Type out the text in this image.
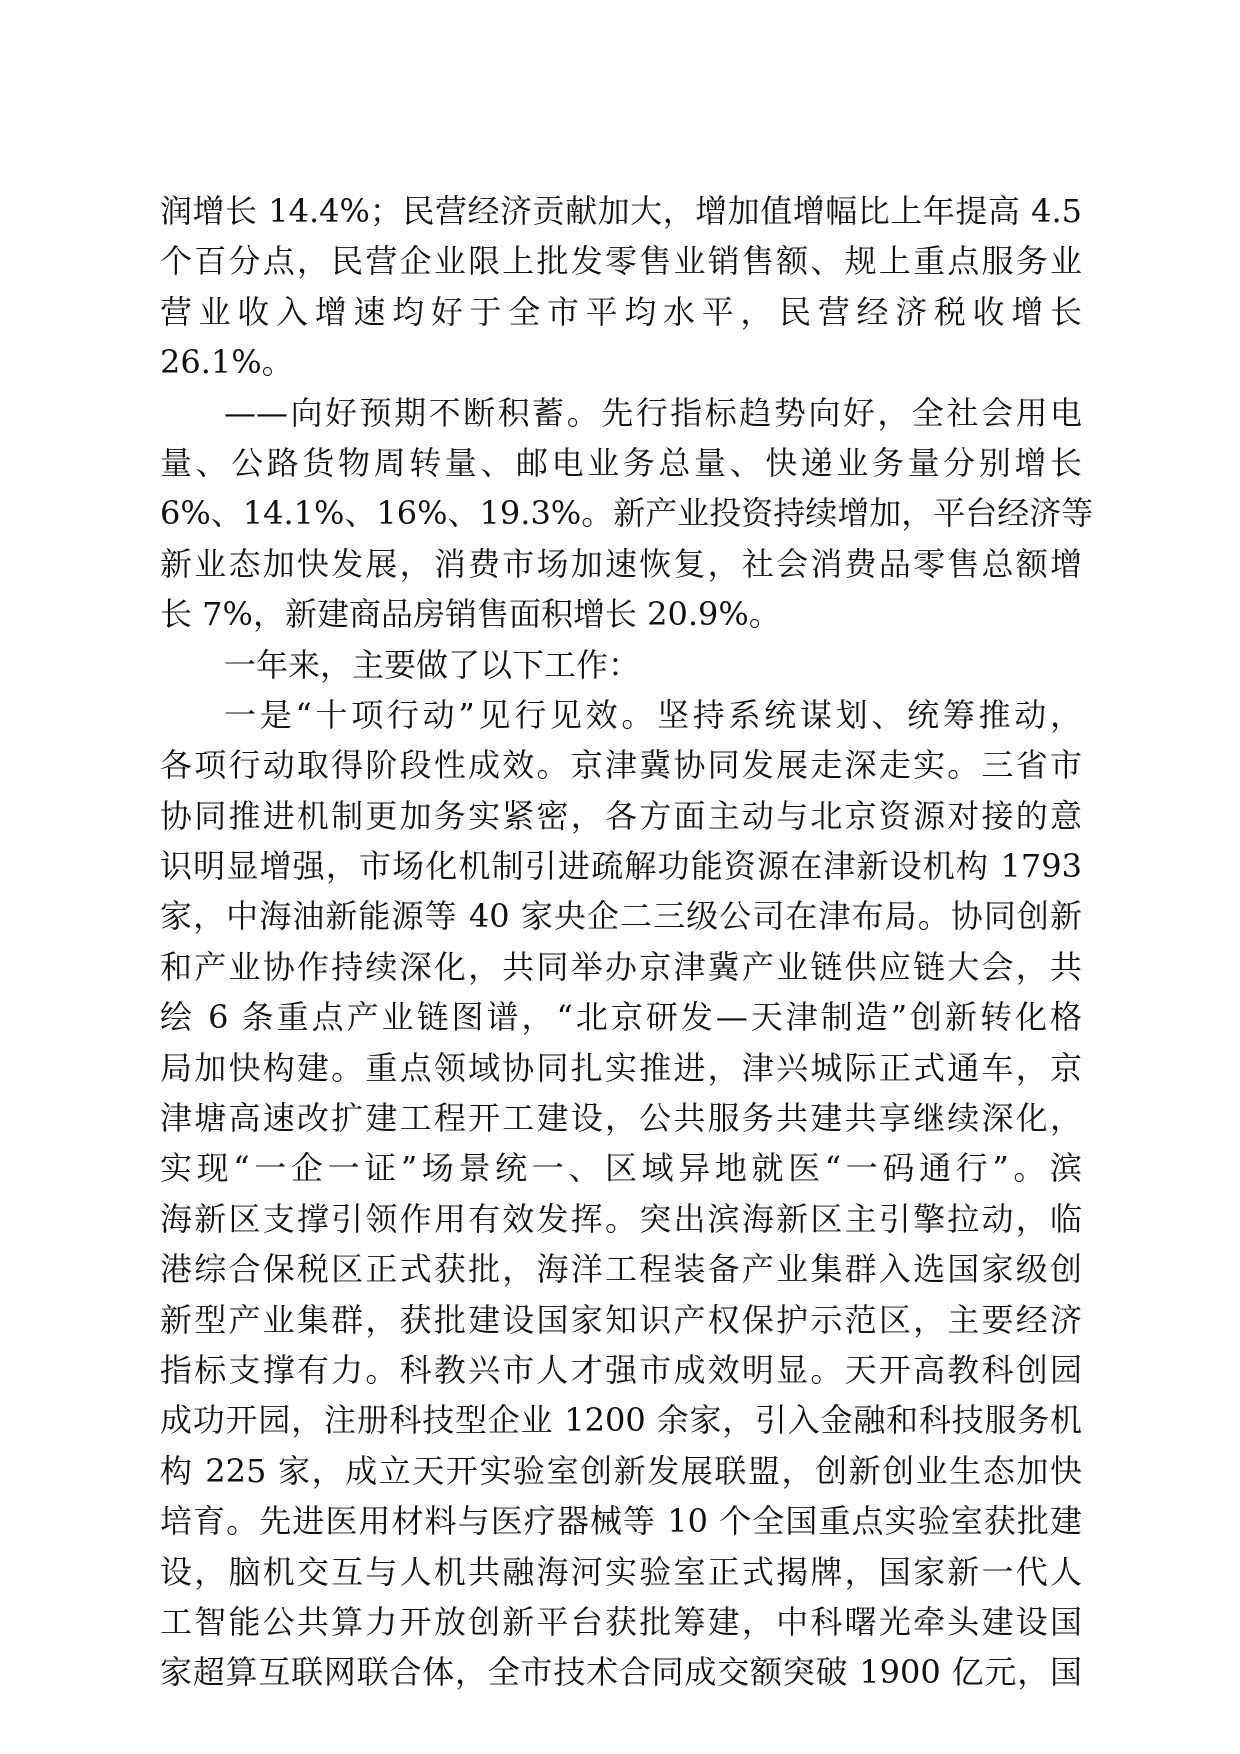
润增长 14.4%；民营经济贡献加大，增加值增幅比上年提高 4.5
个百分点，民营企业限上批发零售业销售额、规上重点服务业
营业收入增速均好于全市平均水平，民营经济税收增长
26.1%。
——向好预期不断积蓄。先行指标趋势向好，全社会用电
量、公路货物周转量、邮电业务总量、快递业务量分别增长
6%、14.1%、16%、19.3%。新产业投资持续增加，平台经济等
新业态加快发展，消费市场加速恢复，社会消费品零售总额增
长 7%，新建商品房销售面积增长 20.9%。
一年来，主要做了以下工作：
一是“十项行动”见行见效。坚持系统谋划、统筹推动，
各项行动取得阶段性成效。京津冀协同发展走深走实。三省市
协同推进机制更加务实紧密，各方面主动与北京资源对接的意
识明显增强，市场化机制引进疏解功能资源在津新设机构 1793
家，中海油新能源等 40 家央企二三级公司在津布局。协同创新
和产业协作持续深化，共同举办京津冀产业链供应链大会，共
绘 6 条重点产业链图谱，“北京研发—天津制造”创新转化格
局加快构建。重点领域协同扎实推进，津兴城际正式通车，京
津塘高速改扩建工程开工建设，公共服务共建共享继续深化，
实现“一企一证”场景统一、区域异地就医“一码通行”。滨
海新区支撑引领作用有效发挥。突出滨海新区主引擎拉动，临
港综合保税区正式获批，海洋工程装备产业集群入选国家级创
新型产业集群，获批建设国家知识产权保护示范区，主要经济
指标支撑有力。科教兴市人才强市成效明显。天开高教科创园
成功开园，注册科技型企业 1200 余家，引入金融和科技服务机
构 225 家，成立天开实验室创新发展联盟，创新创业生态加快
培育。先进医用材料与医疗器械等 10 个全国重点实验室获批建
设，脑机交互与人机共融海河实验室正式揭牌，国家新一代人
工智能公共算力开放创新平台获批筹建，中科曙光牵头建设国
家超算互联网联合体，全市技术合同成交额突破 1900 亿元，国
